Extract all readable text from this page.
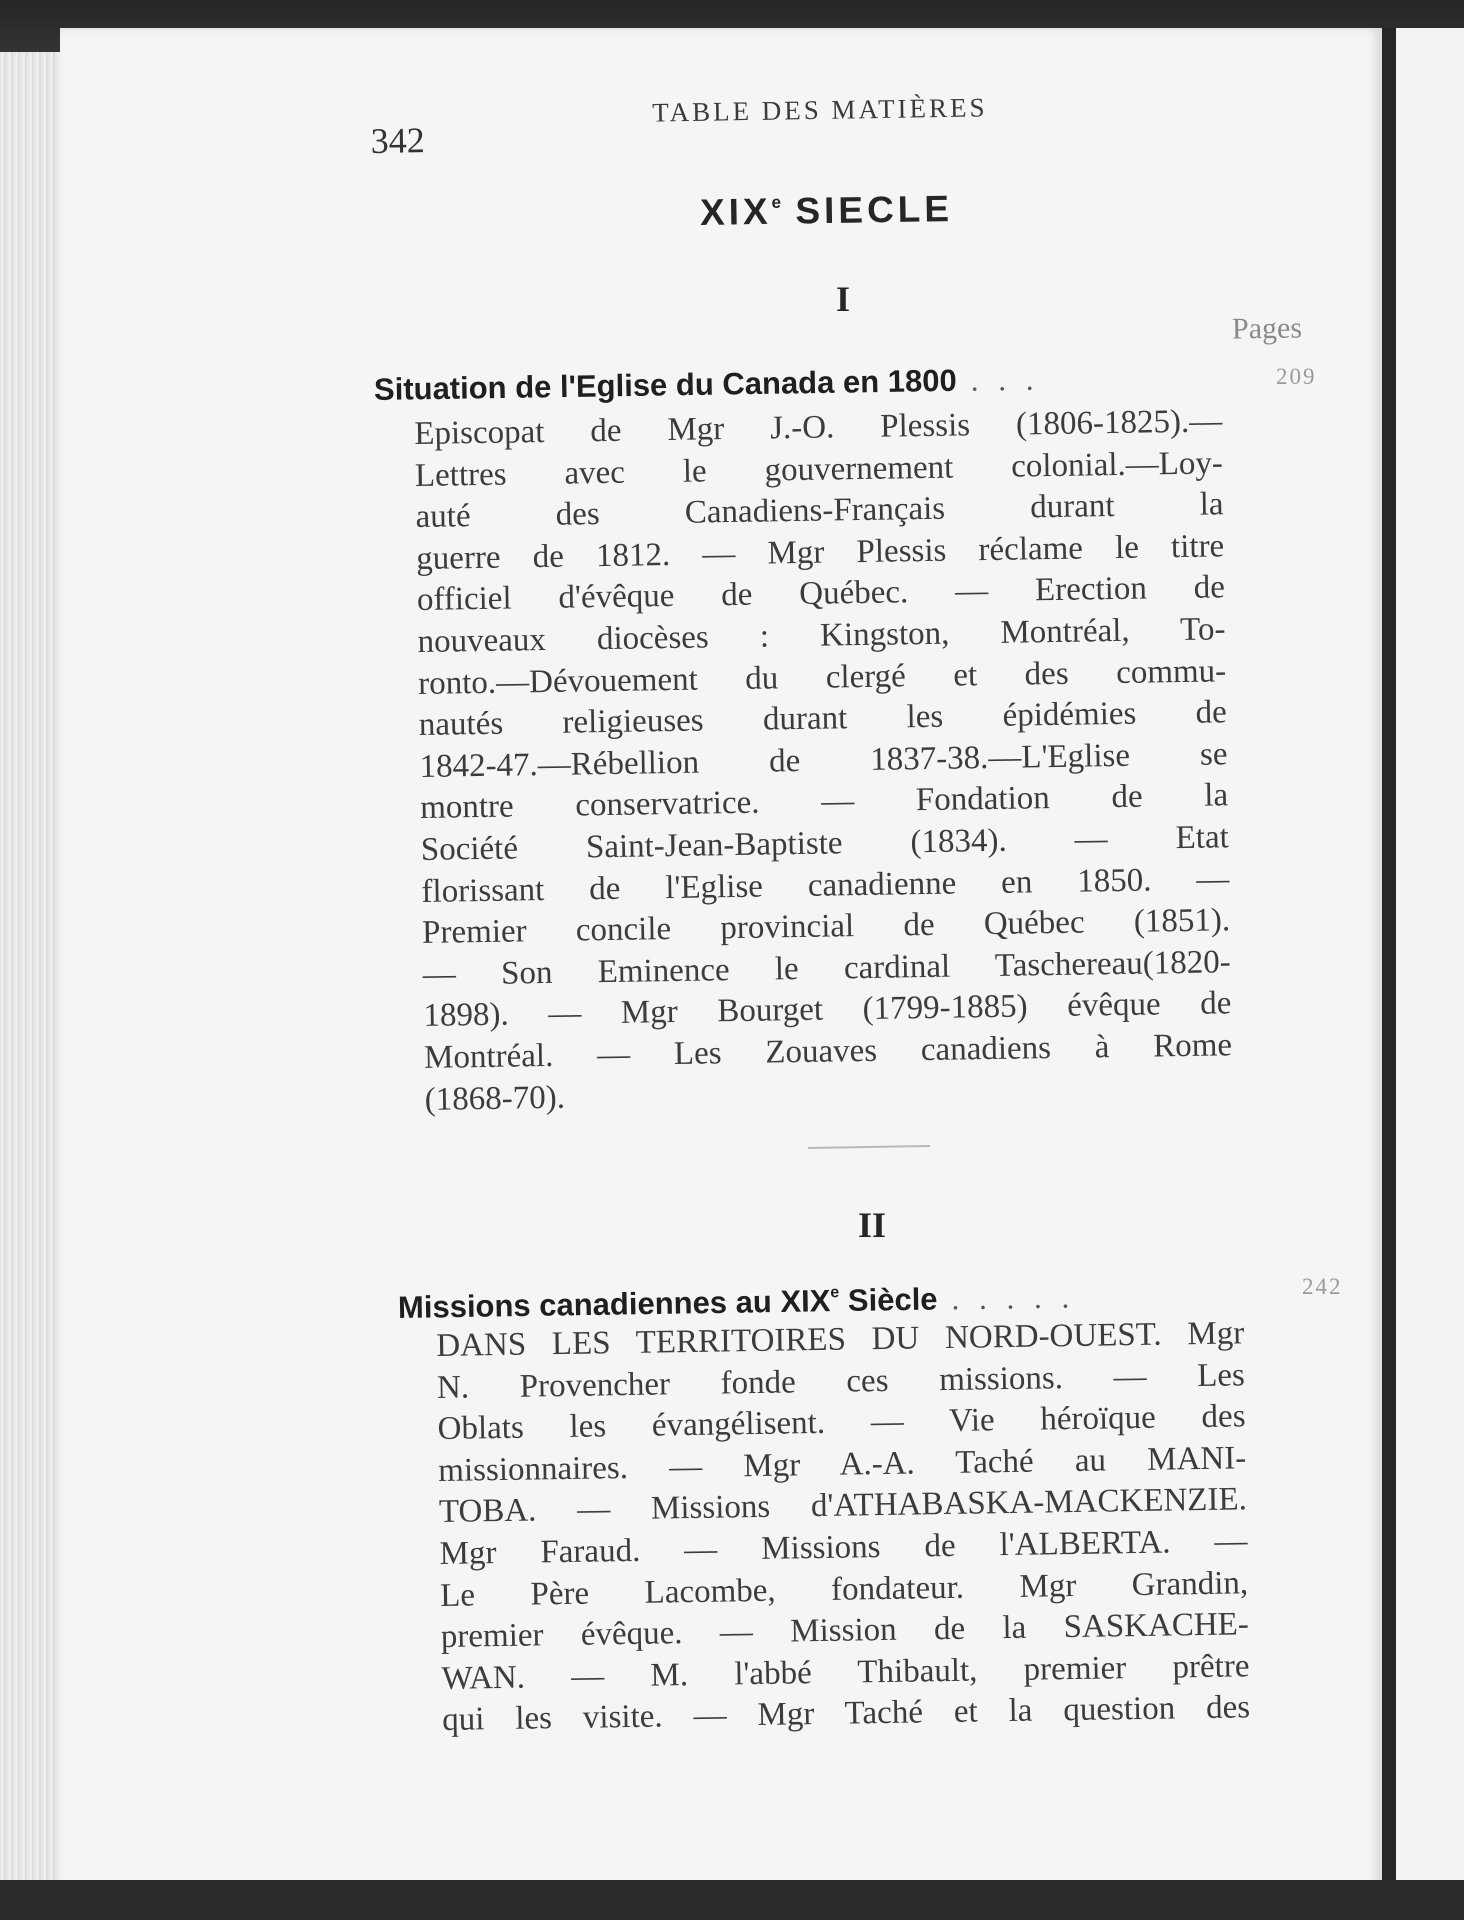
342
TABLE DES MATIÈRES
XIXe SIECLE
I
Pages
Situation de l'Eglise du Canada en 1800 . . .	209
Episcopat de Mgr J.-O. Plessis (1806-1825).—
Lettres avec le gouvernement colonial.—Loy-
auté des Canadiens-Français durant la
guerre de 1812. — Mgr Plessis réclame le titre
officiel d'évêque de Québec. — Erection de
nouveaux diocèses : Kingston, Montréal, To-
ronto.—Dévouement du clergé et des commu-
nautés religieuses durant les épidémies de
1842-47.—Rébellion de 1837-38.—L'Eglise se
montre conservatrice. — Fondation de la
Société Saint-Jean-Baptiste (1834). — Etat
florissant de l'Eglise canadienne en 1850. —
Premier concile provincial de Québec (1851).
— Son Eminence le cardinal Taschereau(1820-
1898). — Mgr Bourget (1799-1885) évêque de
Montréal. — Les Zouaves canadiens à Rome
(1868-70).
II
Missions canadiennes au XIXe Siècle . . . . .	242
DANS LES TERRITOIRES DU NORD-OUEST. Mgr
N. Provencher fonde ces missions. — Les
Oblats les évangélisent. — Vie héroïque des
missionnaires. — Mgr A.-A. Taché au MANI-
TOBA. — Missions d'ATHABASKA-MACKENZIE.
Mgr Faraud. — Missions de l'ALBERTA. —
Le Père Lacombe, fondateur. Mgr Grandin,
premier évêque. — Mission de la SASKACHE-
WAN. — M. l'abbé Thibault, premier prêtre
qui les visite. — Mgr Taché et la question des
